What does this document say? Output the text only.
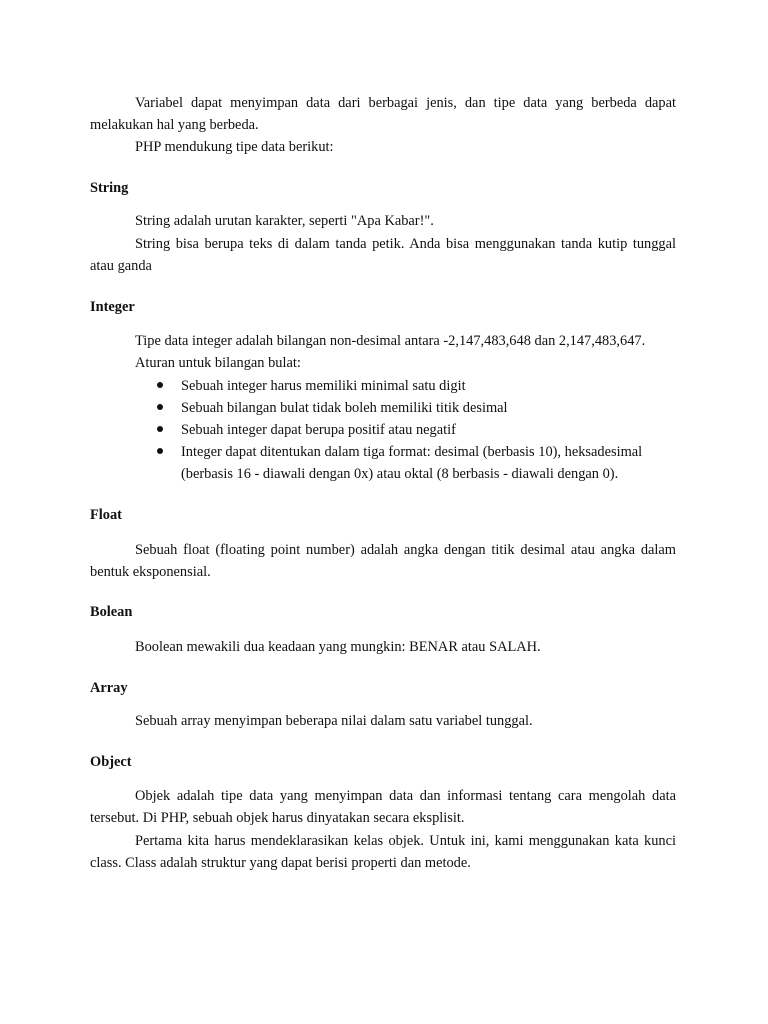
Variabel dapat menyimpan data dari berbagai jenis, dan tipe data yang berbeda dapat melakukan hal yang berbeda.

PHP mendukung tipe data berikut:

String

String adalah urutan karakter, seperti "Apa Kabar!".

String bisa berupa teks di dalam tanda petik. Anda bisa menggunakan tanda kutip tunggal atau ganda

Integer

Tipe data integer adalah bilangan non-desimal antara -2,147,483,648 dan 2,147,483,647.

Aturan untuk bilangan bulat:

Sebuah integer harus memiliki minimal satu digit
Sebuah bilangan bulat tidak boleh memiliki titik desimal
Sebuah integer dapat berupa positif atau negatif
Integer dapat ditentukan dalam tiga format: desimal (berbasis 10), heksadesimal (berbasis 16 - diawali dengan 0x) atau oktal (8 berbasis - diawali dengan 0).
Float

Sebuah float (floating point number) adalah angka dengan titik desimal atau angka dalam bentuk eksponensial.

Bolean

Boolean mewakili dua keadaan yang mungkin: BENAR atau SALAH.

Array

Sebuah array menyimpan beberapa nilai dalam satu variabel tunggal.

Object

Objek adalah tipe data yang menyimpan data dan informasi tentang cara mengolah data tersebut. Di PHP, sebuah objek harus dinyatakan secara eksplisit.

Pertama kita harus mendeklarasikan kelas objek. Untuk ini, kami menggunakan kata kunci class. Class adalah struktur yang dapat berisi properti dan metode.
